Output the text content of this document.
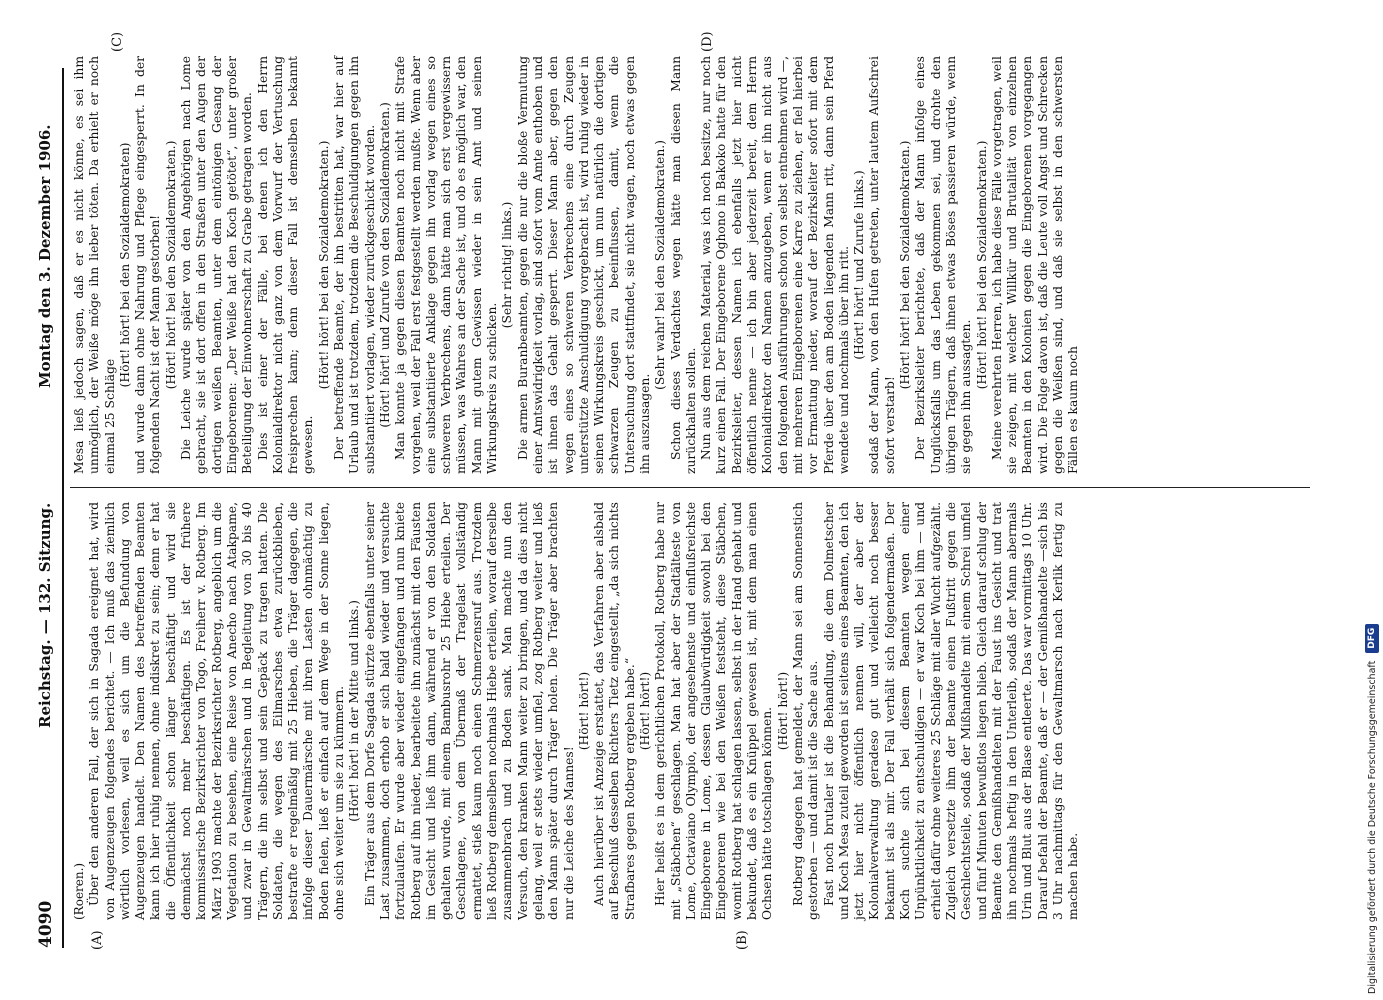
4090
Reichstag. — 132. Sitzung.
Montag den 3. Dezember 1906.
(A)	(B)
(C)	(D)

(Roeren.) Über den anderen Fall, der sich in Sagada ereignet hat, wird von Augenzeugen folgendes berichtet. — Ich muß das ziemlich wörtlich vorlesen, weil es sich um die Befundung von Augenzeugen handelt. Den Namen des betreffenden Beamten kann ich hier ruhig nennen, ohne indiskret zu sein; denn er hat die Öffentlichkeit schon länger beschäftigt und wird sie demnächst noch mehr beschäftigen. Es ist der frühere kommissarische Bezirksrichter von Togo, Freiherr v. Rotberg. Im März 1903 machte der Bezirksrichter Rotberg, angeblich um die Vegetation zu besehen, eine Reise von Anecho nach Atakpame, und zwar in Gewaltmärschen und in Begleitung von 30 bis 40 Trägern, die ihn selbst und sein Gepäck zu tragen hatten. Die Soldaten, die wegen des Eilmarsches etwa zurückblieben, bestrafte er regelmäßig mit 25 Hieben, die Träger dagegen, die infolge dieser Dauermärsche mit ihren Lasten ohnmächtig zu Boden fielen, ließ er einfach auf dem Wege in der Sonne liegen, ohne sich weiter um sie zu kümmern. (Hört! hört! in der Mitte und links.) Ein Träger aus dem Dorfe Sagada stürzte ebenfalls unter seiner Last zusammen, doch erhob er sich bald wieder und versuchte fortzulaufen. Er wurde aber wieder eingefangen und nun kniete Rotberg auf ihn nieder, bearbeitete ihn zunächst mit den Fäusten im Gesicht und ließ ihm dann, während er von den Soldaten gehalten wurde, mit einem Bambusrohr 25 Hiebe erteilen. Der Geschlagene, von dem Übermaß der Tragelast vollständig ermattet, stieß kaum noch einen Schmerzensruf aus. Trotzdem ließ Rotberg demselben nochmals Hiebe erteilen, worauf derselbe zusammenbrach und zu Boden sank. Man machte nun den Versuch, den kranken Mann weiter zu bringen, und da dies nicht gelang, weil er stets wieder umfiel, zog Rotberg weiter und ließ den Mann später durch Träger holen. Die Träger aber brachten nur die Leiche des Mannes!

(Hört! hört!) Auch hierüber ist Anzeige erstattet, das Verfahren aber alsbald auf Beschluß desselben Richters Tietz eingestellt, „da sich nichts Strafbares gegen Rotberg ergeben habe.“ (Hört! hört!) Hier heißt es in dem gerichtlichen Protokoll, Rotberg habe nur mit „Stäbchen“ geschlagen. Man hat aber der Stadtälteste von Lome, Octaviano Olympio, der angesehenste und einflußreichste Eingeborene in Lome, dessen Glaubwürdigkeit sowohl bei den Eingeborenen wie bei den Weißen feststeht, diese Stäbchen, womit Rotberg hat schlagen lassen, selbst in der Hand gehabt und bekundet, daß es ein Knüppel gewesen ist, mit dem man einen Ochsen hätte totschlagen können. (Hört! hört!) Rotberg dagegen hat gemeldet, der Mann sei am Sonnenstich gestorben — und damit ist die Sache aus. Fast noch brutaler ist die Behandlung, die dem Dolmetscher und Koch Mesa zuteil geworden ist seitens eines Beamten, den ich jetzt hier nicht öffentlich nennen will, der aber der Kolonialverwaltung geradeso gut und vielleicht noch besser bekannt ist als mir. Der Fall verhält sich folgendermaßen. Der Koch suchte sich bei diesem Beamten wegen einer Unpünktlichkeit zu entschuldigen — er war Koch bei ihm — und erhielt dafür ohne weiteres 25 Schläge mit aller Wucht aufgezählt. Zugleich versetzte ihm der Beamte einen Fußtritt gegen die Geschlechtsteile, sodaß der Mißhandelte mit einem Schrei umfiel und fünf Minuten bewußtlos liegen blieb. Gleich darauf schlug der Beamte den Gemißhandelten mit der Faust ins Gesicht und trat ihn nochmals heftig in den Unterleib, sodaß der Mann abermals Urin und Blut aus der Blase entleerte. Das war vormittags 10 Uhr. Darauf befahl der Beamte, daß er — der Gemißhandelte —sich bis 3 Uhr nachmittags für den Gewaltmarsch nach Kerlik fertig zu machen habe.

Mesa ließ jedoch sagen, daß er es nicht könne, es sei ihm unmöglich, der Weiße möge ihn lieber töten. Da erhielt er noch einmal 25 Schläge

(Hört! hört! bei den Sozialdemokraten) und wurde dann ohne Nahrung und Pflege eingesperrt. In der folgenden Nacht ist der Mann gestorben! (Hört! hört! bei den Sozialdemokraten.) Die Leiche wurde später von den Angehörigen nach Lome gebracht, sie ist dort offen in den Straßen unter den Augen der dortigen weißen Beamten, unter dem eintönigen Gesang der Eingeborenen: „Der Weiße hat den Koch getötet“, unter großer Beteiligung der Einwohnerschaft zu Grabe getragen worden. Dies ist einer der Fälle, bei denen ich den Herrn Kolonialdirektor nicht ganz von dem Vorwurf der Vertuschung freisprechen kann; denn dieser Fall ist demselben bekannt gewesen.

(Hört! hört! bei den Sozialdemokraten.) Der betreffende Beamte, der ihn bestritten hat, war hier auf Urlaub und ist trotzdem, trotzdem die Beschuldigungen gegen ihn substantiiert vorlagen, wieder zurückgeschickt worden. (Hört! hört! und Zurufe von den Sozialdemokraten.) Man konnte ja gegen diesen Beamten noch nicht mit Strafe vorgehen, weil der Fall erst festgestellt werden mußte. Wenn aber eine substantiierte Anklage gegen ihn vorlag wegen eines so schweren Verbrechens, dann hätte man sich erst vergewissern müssen, was Wahres an der Sache ist, und ob es möglich war, den Mann mit gutem Gewissen wieder in sein Amt und seinen Wirkungskreis zu schicken.

(Sehr richtig! links.) Die armen Buranbeamten, gegen die nur die bloße Vermutung einer Amtswidrigkeit vorlag, sind sofort vom Amte enthoben und ist ihnen das Gehalt gesperrt. Dieser Mann aber, gegen den wegen eines so schweren Verbrechens eine durch Zeugen unterstützte Anschuldigung vorgebracht ist, wird ruhig wieder in seinen Wirkungskreis geschickt, um nun natürlich die dortigen schwarzen Zeugen zu beeinflussen, damit, wenn die Untersuchung dort stattfindet, sie nicht wagen, noch etwas gegen ihn auszusagen.

(Sehr wahr! bei den Sozialdemokraten.) Schon dieses Verdachtes wegen hätte man diesen Mann zurückhalten sollen. Nun aus dem reichen Material, was ich noch besitze, nur noch kurz einen Fall. Der Eingeborene Oghono in Bakoko hatte für den Bezirksleiter, dessen Namen ich ebenfalls jetzt hier nicht öffentlich nenne — ich bin aber jederzeit bereit, dem Herrn Kolonialdirektor den Namen anzugeben, wenn er ihn nicht aus den folgenden Ausführungen schon von selbst entnehmen wird —, mit mehreren Eingeborenen eine Karre zu ziehen, er fiel hierbei vor Ermattung nieder, worauf der Bezirksleiter sofort mit dem Pferde über den am Boden liegenden Mann ritt, dann sein Pferd wendete und nochmals über ihn ritt. (Hört! hört! und Zurufe links.) sodaß der Mann, von den Hufen getreten, unter lautem Aufschrei sofort verstarb!

(Hört! hört! bei den Sozialdemokraten.) Der Bezirksleiter berichtete, daß der Mann infolge eines Unglücksfalls um das Leben gekommen sei, und drohte den übrigen Trägern, daß ihnen etwas Böses passieren würde, wenn sie gegen ihn aussagten.

(Hört! hört! bei den Sozialdemokraten.) Meine verehrten Herren, ich habe diese Fälle vorgetragen, weil sie zeigen, mit welcher Willkür und Brutalität von einzelnen Beamten in den Kolonien gegen die Eingeborenen vorgegangen wird. Die Folge davon ist, daß die Leute voll Angst und Schrecken gegen die Weißen sind, und daß sie selbst in den schwersten Fällen es kaum noch

Digitalisierung gefördert durch die Deutsche Forschungsgemeinschaft
DFG
